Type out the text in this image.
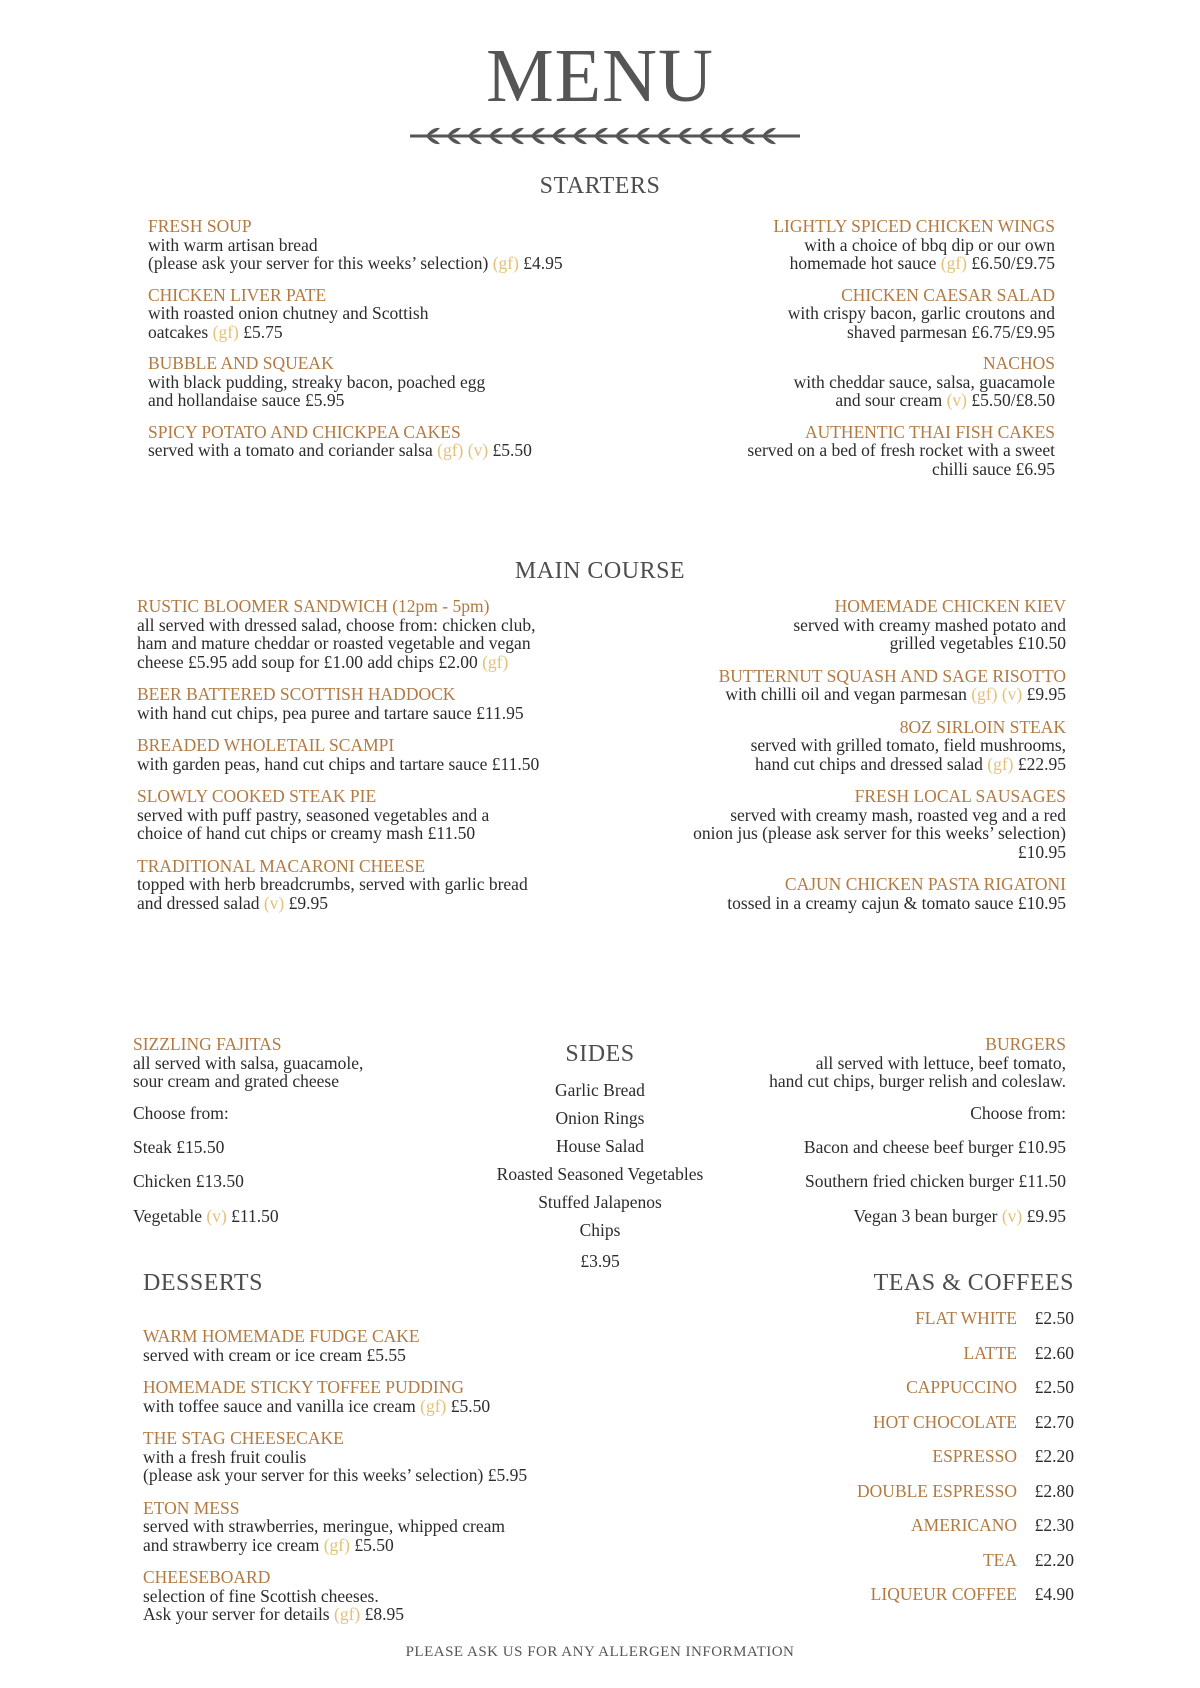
MENU
STARTERS
FRESH SOUP
with warm artisan bread
(please ask your server for this weeks’ selection) (gf) £4.95
CHICKEN LIVER PATE
with roasted onion chutney and Scottish
oatcakes (gf) £5.75
BUBBLE AND SQUEAK
with black pudding, streaky bacon, poached egg
and hollandaise sauce £5.95
SPICY POTATO AND CHICKPEA CAKES
served with a tomato and coriander salsa (gf) (v) £5.50
LIGHTLY SPICED CHICKEN WINGS
with a choice of bbq dip or our own
homemade hot sauce (gf) £6.50/£9.75
CHICKEN CAESAR SALAD
with crispy bacon, garlic croutons and
shaved parmesan £6.75/£9.95
NACHOS
with cheddar sauce, salsa, guacamole
and sour cream (v) £5.50/£8.50
AUTHENTIC THAI FISH CAKES
served on a bed of fresh rocket with a sweet
chilli sauce £6.95
MAIN COURSE
RUSTIC BLOOMER SANDWICH (12pm - 5pm)
all served with dressed salad, choose from: chicken club,
ham and mature cheddar or roasted vegetable and vegan
cheese £5.95 add soup for £1.00 add chips £2.00 (gf)
BEER BATTERED SCOTTISH HADDOCK
with hand cut chips, pea puree and tartare sauce £11.95
BREADED WHOLETAIL SCAMPI
with garden peas, hand cut chips and tartare sauce £11.50
SLOWLY COOKED STEAK PIE
served with puff pastry, seasoned vegetables and a
choice of hand cut chips or creamy mash £11.50
TRADITIONAL MACARONI CHEESE
topped with herb breadcrumbs, served with garlic bread
and dressed salad (v) £9.95
HOMEMADE CHICKEN KIEV
served with creamy mashed potato and
grilled vegetables £10.50
BUTTERNUT SQUASH AND SAGE RISOTTO
with chilli oil and vegan parmesan (gf) (v) £9.95
8OZ SIRLOIN STEAK
served with grilled tomato, field mushrooms,
hand cut chips and dressed salad (gf) £22.95
FRESH LOCAL SAUSAGES
served with creamy mash, roasted veg and a red
onion jus (please ask server for this weeks’ selection)
£10.95
CAJUN CHICKEN PASTA RIGATONI
tossed in a creamy cajun & tomato sauce £10.95
SIZZLING FAJITAS
all served with salsa, guacamole,
sour cream and grated cheese
Choose from:
Steak £15.50
Chicken £13.50
Vegetable (v) £11.50
SIDES
Garlic Bread
Onion Rings
House Salad
Roasted Seasoned Vegetables
Stuffed Jalapenos
Chips
£3.95
BURGERS
all served with lettuce, beef tomato,
hand cut chips, burger relish and coleslaw.
Choose from:
Bacon and cheese beef burger £10.95
Southern fried chicken burger £11.50
Vegan 3 bean burger (v) £9.95
DESSERTS
WARM HOMEMADE FUDGE CAKE
served with cream or ice cream £5.55
HOMEMADE STICKY TOFFEE PUDDING
with toffee sauce and vanilla ice cream (gf) £5.50
THE STAG CHEESECAKE
with a fresh fruit coulis
(please ask your server for this weeks’ selection) £5.95
ETON MESS
served with strawberries, meringue, whipped cream
and strawberry ice cream (gf) £5.50
CHEESEBOARD
selection of fine Scottish cheeses.
Ask your server for details (gf) £8.95
TEAS & COFFEES
FLAT WHITE	£2.50
LATTE	£2.60
CAPPUCCINO	£2.50
HOT CHOCOLATE	£2.70
ESPRESSO	£2.20
DOUBLE ESPRESSO	£2.80
AMERICANO	£2.30
TEA	£2.20
LIQUEUR COFFEE	£4.90
PLEASE ASK US FOR ANY ALLERGEN INFORMATION
